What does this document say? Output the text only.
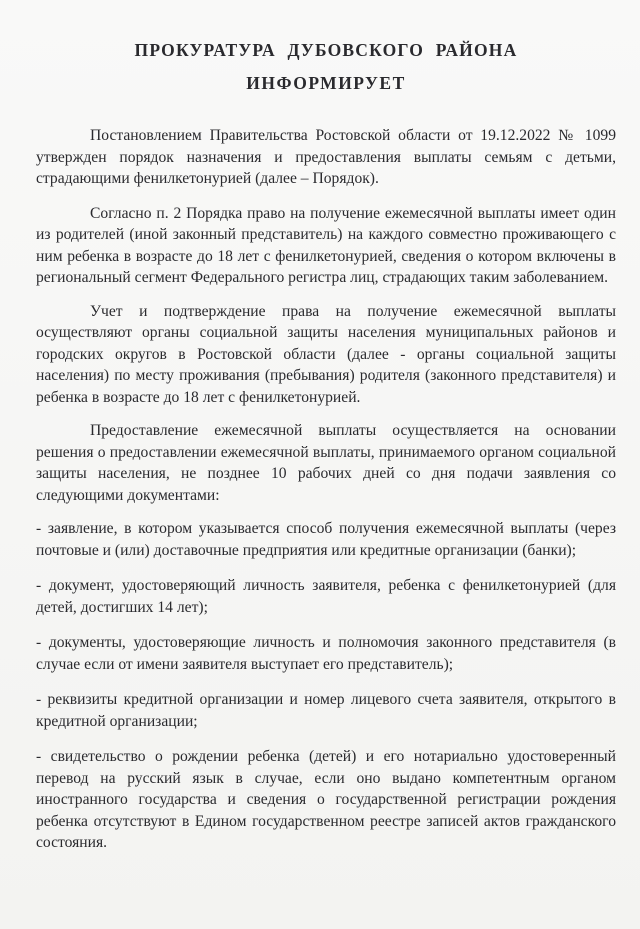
ПРОКУРАТУРА ДУБОВСКОГО РАЙОНА
ИНФОРМИРУЕТ

Постановлением Правительства Ростовской области от 19.12.2022 № 1099 утвержден порядок назначения и предоставления выплаты семьям с детьми, страдающими фенилкетонурией (далее – Порядок).

Согласно п. 2 Порядка право на получение ежемесячной выплаты имеет один из родителей (иной законный представитель) на каждого совместно проживающего с ним ребенка в возрасте до 18 лет с фенилкетонурией, сведения о котором включены в региональный сегмент Федерального регистра лиц, страдающих таким заболеванием.

Учет и подтверждение права на получение ежемесячной выплаты осуществляют органы социальной защиты населения муниципальных районов и городских округов в Ростовской области (далее - органы социальной защиты населения) по месту проживания (пребывания) родителя (законного представителя) и ребенка в возрасте до 18 лет с фенилкетонурией.

Предоставление ежемесячной выплаты осуществляется на основании решения о предоставлении ежемесячной выплаты, принимаемого органом социальной защиты населения, не позднее 10 рабочих дней со дня подачи заявления со следующими документами:

- заявление, в котором указывается способ получения ежемесячной выплаты (через почтовые и (или) доставочные предприятия или кредитные организации (банки);

- документ, удостоверяющий личность заявителя, ребенка с фенилкетонурией (для детей, достигших 14 лет);

- документы, удостоверяющие личность и полномочия законного представителя (в случае если от имени заявителя выступает его представитель);

- реквизиты кредитной организации и номер лицевого счета заявителя, открытого в кредитной организации;

- свидетельство о рождении ребенка (детей) и его нотариально удостоверенный перевод на русский язык в случае, если оно выдано компетентным органом иностранного государства и сведения о государственной регистрации рождения ребенка отсутствуют в Едином государственном реестре записей актов гражданского состояния.
